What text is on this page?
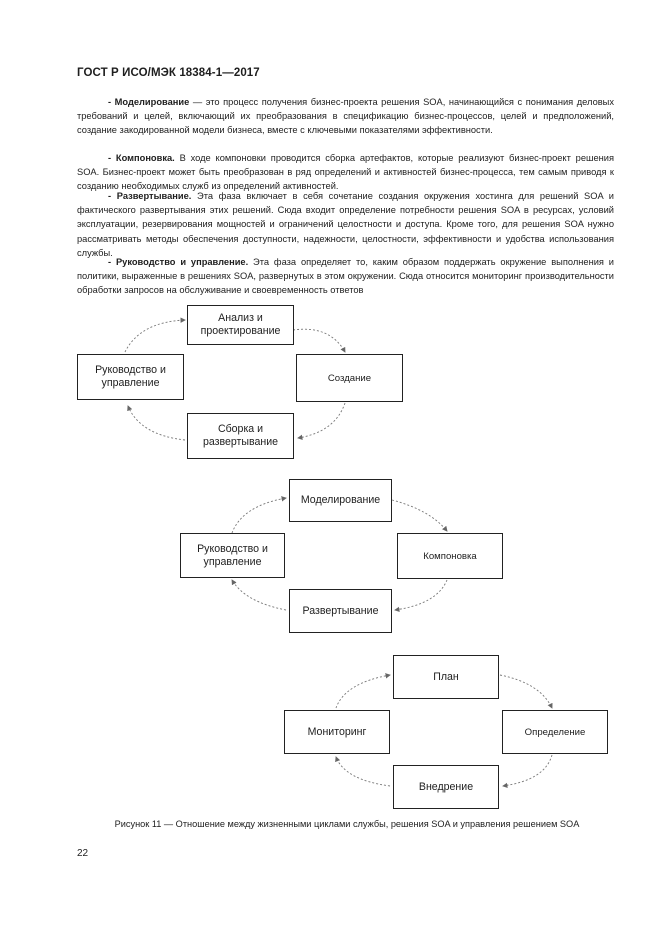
ГОСТ Р ИСО/МЭК 18384-1—2017
- Моделирование — это процесс получения бизнес-проекта решения SOA, начинающийся с понимания деловых требований и целей, включающий их преобразования в спецификацию бизнес-процессов, целей и предположений, создание закодированной модели бизнеса, вместе с ключевыми показателями эффективности.
- Компоновка. В ходе компоновки проводится сборка артефактов, которые реализуют бизнес-проект решения SOA. Бизнес-проект может быть преобразован в ряд определений и активностей бизнес-процесса, тем самым приводя к созданию необходимых служб из определений активностей.
- Развертывание. Эта фаза включает в себя сочетание создания окружения хостинга для решений SOA и фактического развертывания этих решений. Сюда входит определение потребности решения SOA в ресурсах, условий эксплуатации, резервирования мощностей и ограничений целостности и доступа. Кроме того, для решения SOA нужно рассматривать методы обеспечения доступности, надежности, целостности, эффективности и удобства использования службы.
- Руководство и управление. Эта фаза определяет то, каким образом поддержать окружение выполнения и политики, выраженные в решениях SOA, развернутых в этом окружении. Сюда относится мониторинг производительности обработки запросов на обслуживание и своевременность ответов
Анализ и проектирование
Создание
Сборка и развертывание
Руководство и управление
Моделирование
Компоновка
Развертывание
Руководство и управление
План
Определение
Внедрение
Мониторинг
Рисунок 11 — Отношение между жизненными циклами службы, решения SOA и управления решением SOA
22
